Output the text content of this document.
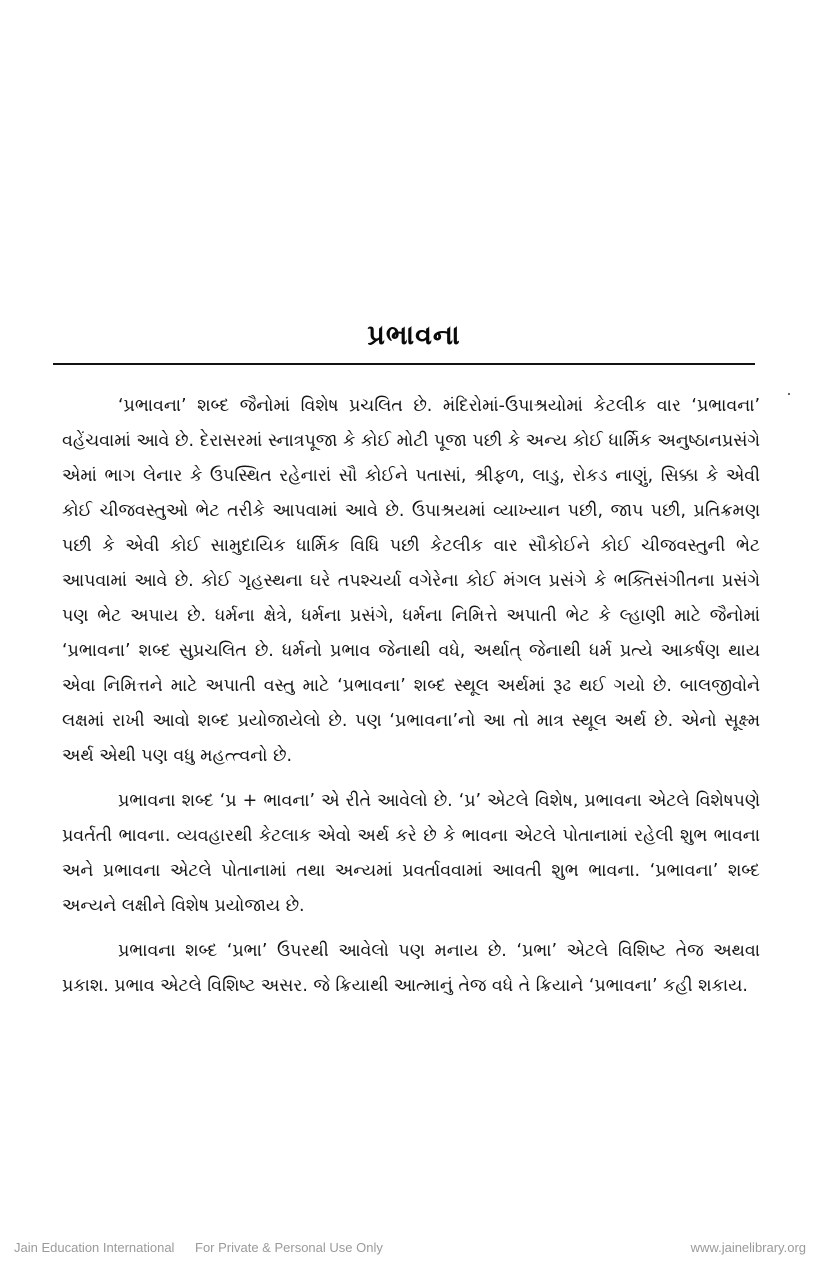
પ્રભાવના

‘પ્રભાવના’ શબ્દ જૈનોમાં વિશેષ પ્રચલિત છે. મંદિરોમાં-ઉપાશ્રયોમાં કેટલીક વાર ‘પ્રભાવના’ વહેંચવામાં આવે છે. દેરાસરમાં સ્નાત્રપૂજા કે કોઈ મોટી પૂજા પછી કે અન્ય કોઈ ધાર્મિક અનુષ્ઠાનપ્રસંગે એમાં ભાગ લેનાર કે ઉપસ્થિત રહેનારાં સૌ કોઈને પતાસાં, શ્રીફળ, લાડુ, રોકડ નાણું, સિક્કા કે એવી કોઈ ચીજવસ્તુઓ ભેટ તરીકે આપવામાં આવે છે. ઉપાશ્રયમાં વ્યાખ્યાન પછી, જાપ પછી, પ્રતિક્રમણ પછી કે એવી કોઈ સામુદાયિક ધાર્મિક વિધિ પછી કેટલીક વાર સૌકોઈને કોઈ ચીજવસ્તુની ભેટ આપવામાં આવે છે. કોઈ ગૃહસ્થના ઘરે તપશ્ચર્યા વગેરેના કોઈ મંગલ પ્રસંગે કે ભક્તિસંગીતના પ્રસંગે પણ ભેટ અપાય છે. ધર્મના ક્ષેત્રે, ધર્મના પ્રસંગે, ધર્મના નિમિત્તે અપાતી ભેટ કે લ્હાણી માટે જૈનોમાં ‘પ્રભાવના’ શબ્દ સુપ્રચલિત છે. ધર્મનો પ્રભાવ જેનાથી વધે, અર્થાત્ જેનાથી ધર્મ પ્રત્યે આકર્ષણ થાય એવા નિમિત્તને માટે અપાતી વસ્તુ માટે ‘પ્રભાવના’ શબ્દ સ્થૂલ અર્થમાં રૂઢ થઈ ગયો છે. બાલજીવોને લક્ષમાં રાખી આવો શબ્દ પ્રયોજાયેલો છે. પણ ‘પ્રભાવના’નો આ તો માત્ર સ્થૂલ અર્થ છે. એનો સૂક્ષ્મ અર્થ એથી પણ વધુ મહત્ત્વનો છે.

પ્રભાવના શબ્દ ‘પ્ર + ભાવના’ એ રીતે આવેલો છે. ‘પ્ર’ એટલે વિશેષ, પ્રભાવના એટલે વિશેષપણે પ્રવર્તતી ભાવના. વ્યવહારથી કેટલાક એવો અર્થ કરે છે કે ભાવના એટલે પોતાનામાં રહેલી શુભ ભાવના અને પ્રભાવના એટલે પોતાનામાં તથા અન્યમાં પ્રવર્તાવવામાં આવતી શુભ ભાવના. ‘પ્રભાવના’ શબ્દ અન્યને લક્ષીને વિશેષ પ્રયોજાય છે.

પ્રભાવના શબ્દ ‘પ્રભા’ ઉપરથી આવેલો પણ મનાય છે. ‘પ્રભા’ એટલે વિશિષ્ટ તેજ અથવા પ્રકાશ. પ્રભાવ એટલે વિશિષ્ટ અસર. જે ક્રિયાથી આત્માનું તેજ વધે તે ક્રિયાને ‘પ્રભાવના’ કહી શકાય.

Jain Education International For Private & Personal Use Only	www.jainelibrary.org
